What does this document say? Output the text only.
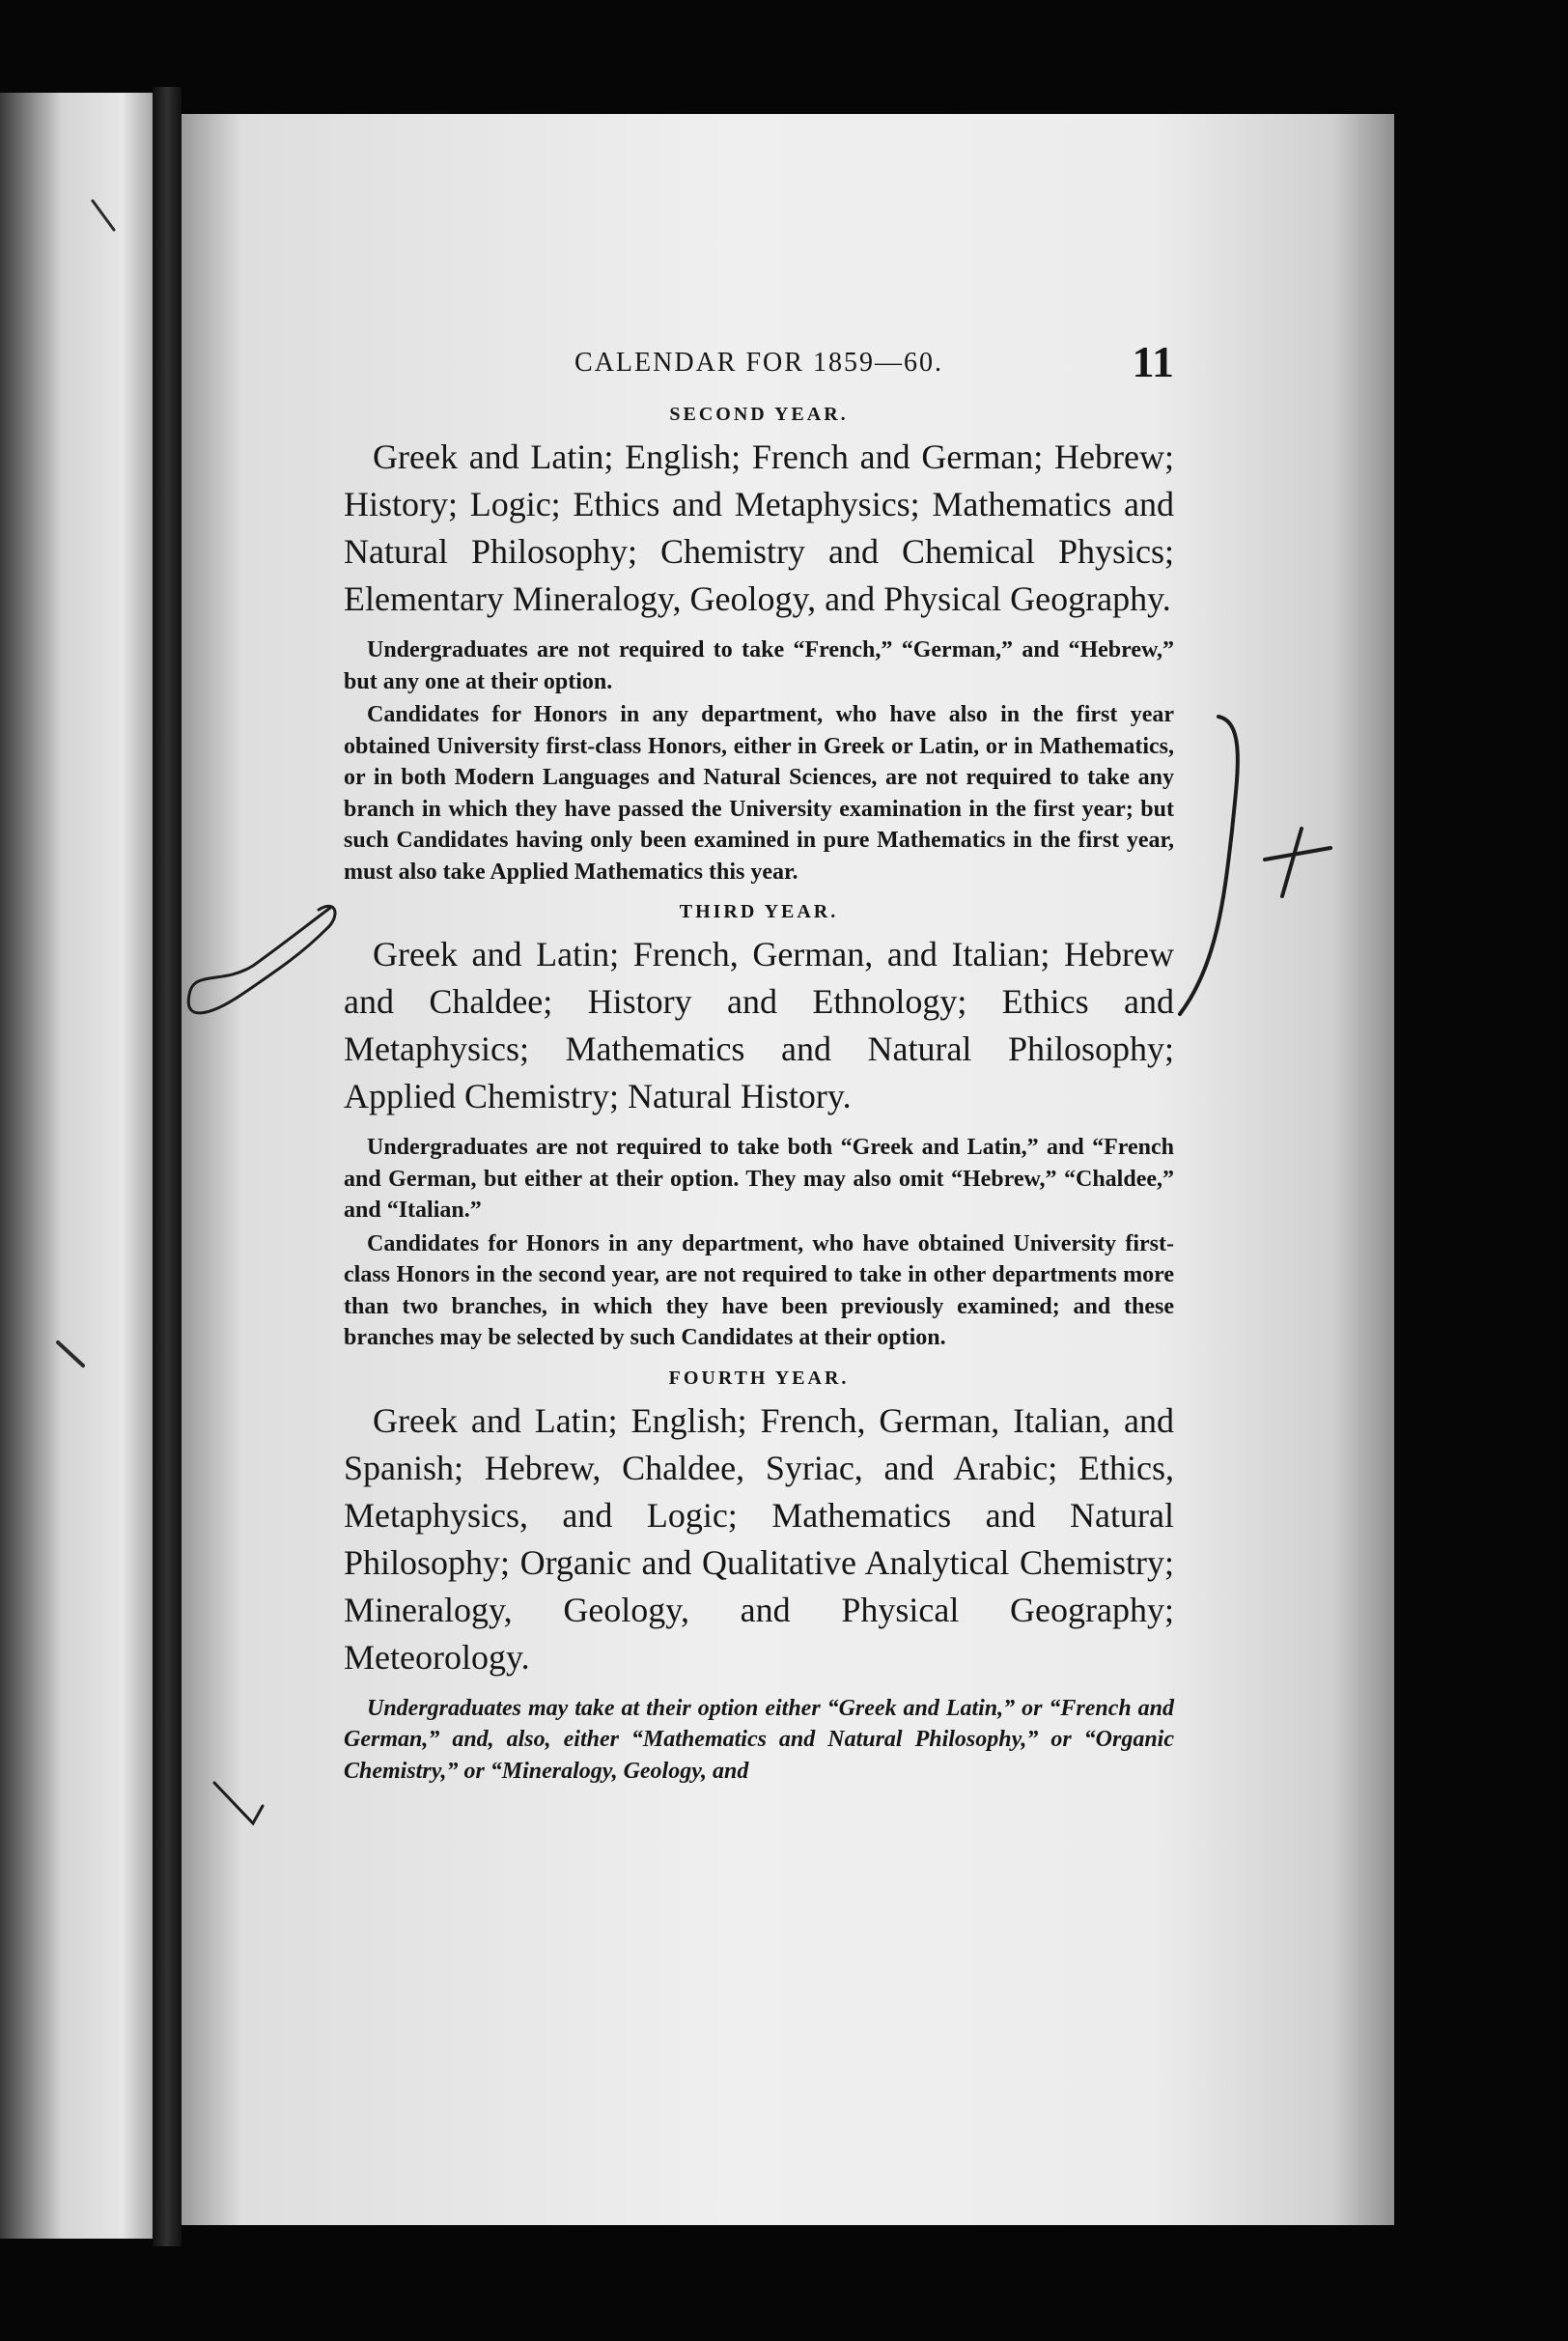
CALENDAR FOR 1859—60.	11
SECOND YEAR.

Greek and Latin; English; French and German; Hebrew; History; Logic; Ethics and Metaphysics; Mathematics and Natural Philosophy; Chemistry and Chemical Physics; Elementary Mineralogy, Geology, and Physical Geography.

Undergraduates are not required to take “French,” “German,” and “Hebrew,” but any one at their option.

Candidates for Honors in any department, who have also in the first year obtained University first-class Honors, either in Greek or Latin, or in Mathematics, or in both Modern Languages and Natural Sciences, are not required to take any branch in which they have passed the University examination in the first year; but such Candidates having only been examined in pure Mathematics in the first year, must also take Applied Mathematics this year.

THIRD YEAR.

Greek and Latin; French, German, and Italian; Hebrew and Chaldee; History and Ethnology; Ethics and Metaphysics; Mathematics and Natural Philosophy; Applied Chemistry; Natural History.

Undergraduates are not required to take both “Greek and Latin,” and “French and German, but either at their option. They may also omit “Hebrew,” “Chaldee,” and “Italian.”

Candidates for Honors in any department, who have obtained University first-class Honors in the second year, are not required to take in other departments more than two branches, in which they have been previously examined; and these branches may be selected by such Candidates at their option.

FOURTH YEAR.

Greek and Latin; English; French, German, Italian, and Spanish; Hebrew, Chaldee, Syriac, and Arabic; Ethics, Metaphysics, and Logic; Mathematics and Natural Philosophy; Organic and Qualitative Analytical Chemistry; Mineralogy, Geology, and Physical Geography; Meteorology.

Undergraduates may take at their option either “Greek and Latin,” or “French and German,” and, also, either “Mathematics and Natural Philosophy,” or “Organic Chemistry,” or “Mineralogy, Geology, and
